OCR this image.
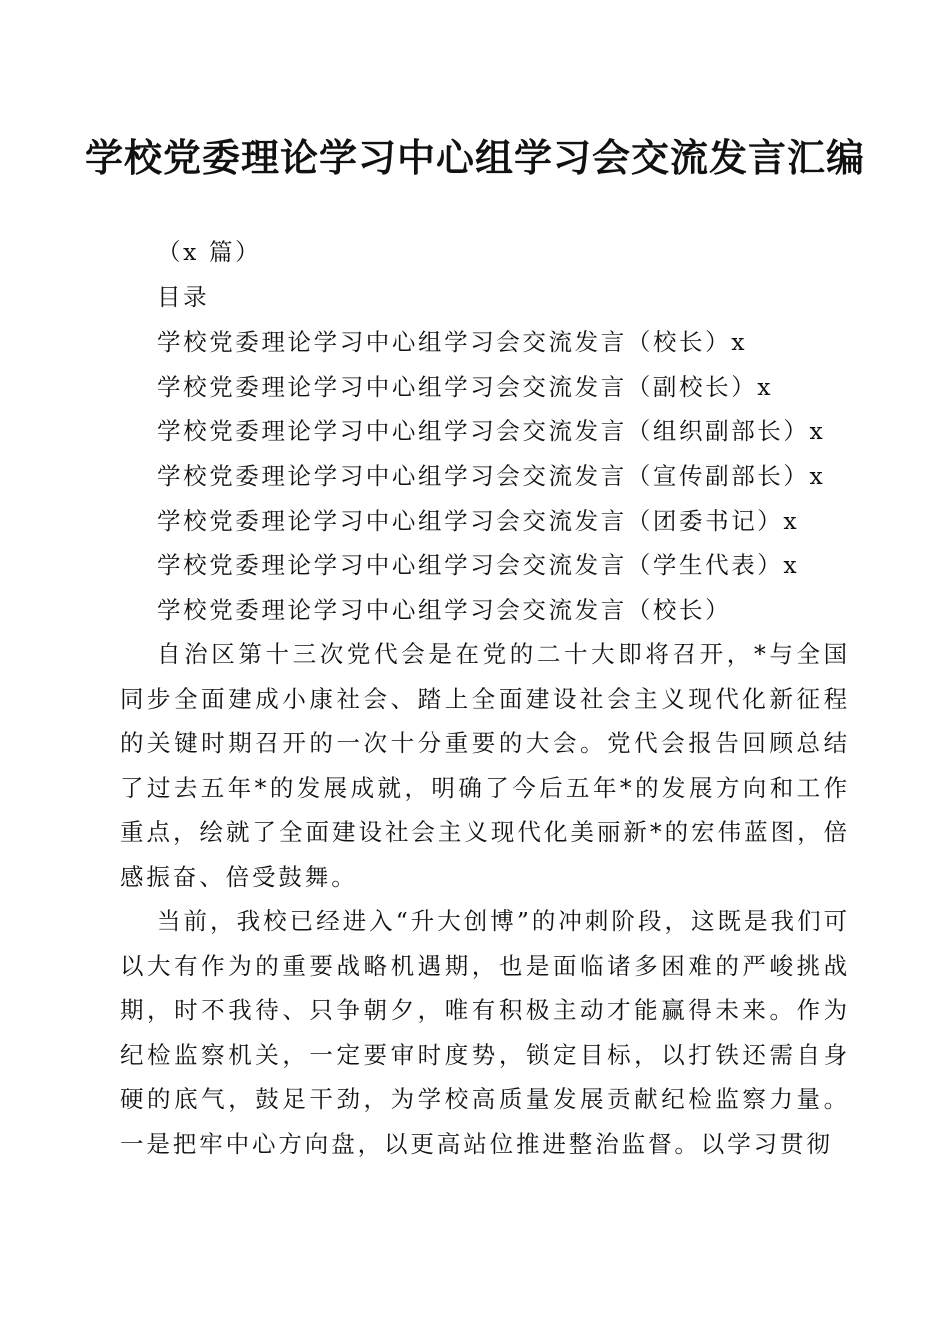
学校党委理论学习中心组学习会交流发言汇编
（x 篇）
目录
学校党委理论学习中心组学习会交流发言（校长）x
学校党委理论学习中心组学习会交流发言（副校长）x
学校党委理论学习中心组学习会交流发言（组织副部长）x
学校党委理论学习中心组学习会交流发言（宣传副部长）x
学校党委理论学习中心组学习会交流发言（团委书记）x
学校党委理论学习中心组学习会交流发言（学生代表）x
学校党委理论学习中心组学习会交流发言（校长）
自治区第十三次党代会是在党的二十大即将召开，*与全国同步全面建成小康社会、踏上全面建设社会主义现代化新征程的关键时期召开的一次十分重要的大会。党代会报告回顾总结了过去五年*的发展成就，明确了今后五年*的发展方向和工作重点，绘就了全面建设社会主义现代化美丽新*的宏伟蓝图，倍感振奋、倍受鼓舞。
当前，我校已经进入“升大创博”的冲刺阶段，这既是我们可以大有作为的重要战略机遇期，也是面临诸多困难的严峻挑战期，时不我待、只争朝夕，唯有积极主动才能赢得未来。作为纪检监察机关，一定要审时度势，锁定目标，以打铁还需自身硬的底气，鼓足干劲，为学校高质量发展贡献纪检监察力量。一是把牢中心方向盘，以更高站位推进整治监督。以学习贯彻
